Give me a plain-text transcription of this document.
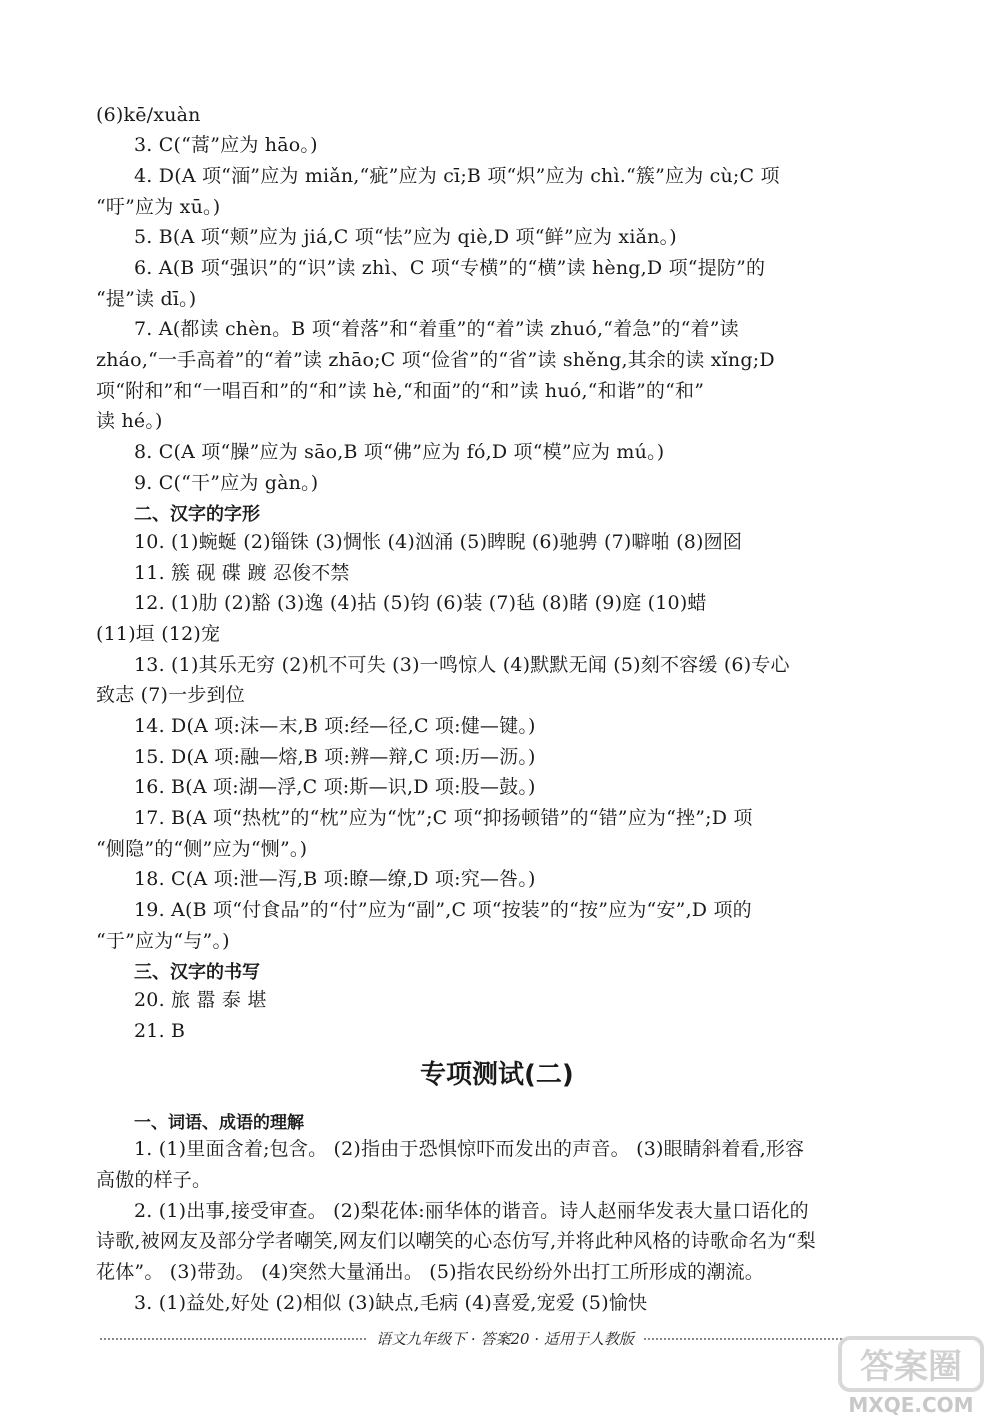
(6)kē/xuàn
3. C(“蒿”应为 hāo。)
4. D(A 项“湎”应为 miǎn,“疵”应为 cī;B 项“炽”应为 chì.“簇”应为 cù;C 项
“吁”应为 xū。)
5. B(A 项“颊”应为 jiá,C 项“怯”应为 qiè,D 项“鲜”应为 xiǎn。)
6. A(B 项“强识”的“识”读 zhì、C 项“专横”的“横”读 hèng,D 项“提防”的
“提”读 dī。)
7. A(都读 chèn。B 项“着落”和“着重”的“着”读 zhuó,“着急”的“着”读
zháo,“一手高着”的“着”读 zhāo;C 项“俭省”的“省”读 shěng,其余的读 xǐng;D
项“附和”和“一唱百和”的“和”读 hè,“和面”的“和”读 huó,“和谐”的“和”
读 hé。)
8. C(A 项“臊”应为 sāo,B 项“佛”应为 fó,D 项“模”应为 mú。)
9. C(“干”应为 gàn。)
二、汉字的字形
10. (1)蜿蜒 (2)锱铢 (3)惆怅 (4)汹涌 (5)睥睨 (6)驰骋 (7)噼啪 (8)囫囵
11. 簇 砚 碟 踱 忍俊不禁
12. (1)肋 (2)豁 (3)逸 (4)拈 (5)钧 (6)装 (7)毡 (8)睹 (9)庭 (10)蜡
(11)垣 (12)宠
13. (1)其乐无穷 (2)机不可失 (3)一鸣惊人 (4)默默无闻 (5)刻不容缓 (6)专心
致志 (7)一步到位
14. D(A 项:沫—末,B 项:经—径,C 项:健—键。)
15. D(A 项:融—熔,B 项:辨—辩,C 项:历—沥。)
16. B(A 项:湖—浮,C 项:斯—识,D 项:股—鼓。)
17. B(A 项“热枕”的“枕”应为“忱”;C 项“抑扬顿错”的“错”应为“挫”;D 项
“侧隐”的“侧”应为“恻”。)
18. C(A 项:泄—泻,B 项:瞭—缭,D 项:究—咎。)
19. A(B 项“付食品”的“付”应为“副”,C 项“按装”的“按”应为“安”,D 项的
“于”应为“与”。)
三、汉字的书写
20. 旅 嚣 泰 堪
21. B
专项测试(二)
一、词语、成语的理解
1. (1)里面含着;包含。 (2)指由于恐惧惊吓而发出的声音。 (3)眼睛斜着看,形容
高傲的样子。
2. (1)出事,接受审查。 (2)梨花体:丽华体的谐音。诗人赵丽华发表大量口语化的
诗歌,被网友及部分学者嘲笑,网友们以嘲笑的心态仿写,并将此种风格的诗歌命名为“梨
花体”。 (3)带劲。 (4)突然大量涌出。 (5)指农民纷纷外出打工所形成的潮流。
3. (1)益处,好处 (2)相似 (3)缺点,毛病 (4)喜爱,宠爱 (5)愉快
语文九年级下 · 答案20 · 适用于人教版
答案圈
MXQE.COM
